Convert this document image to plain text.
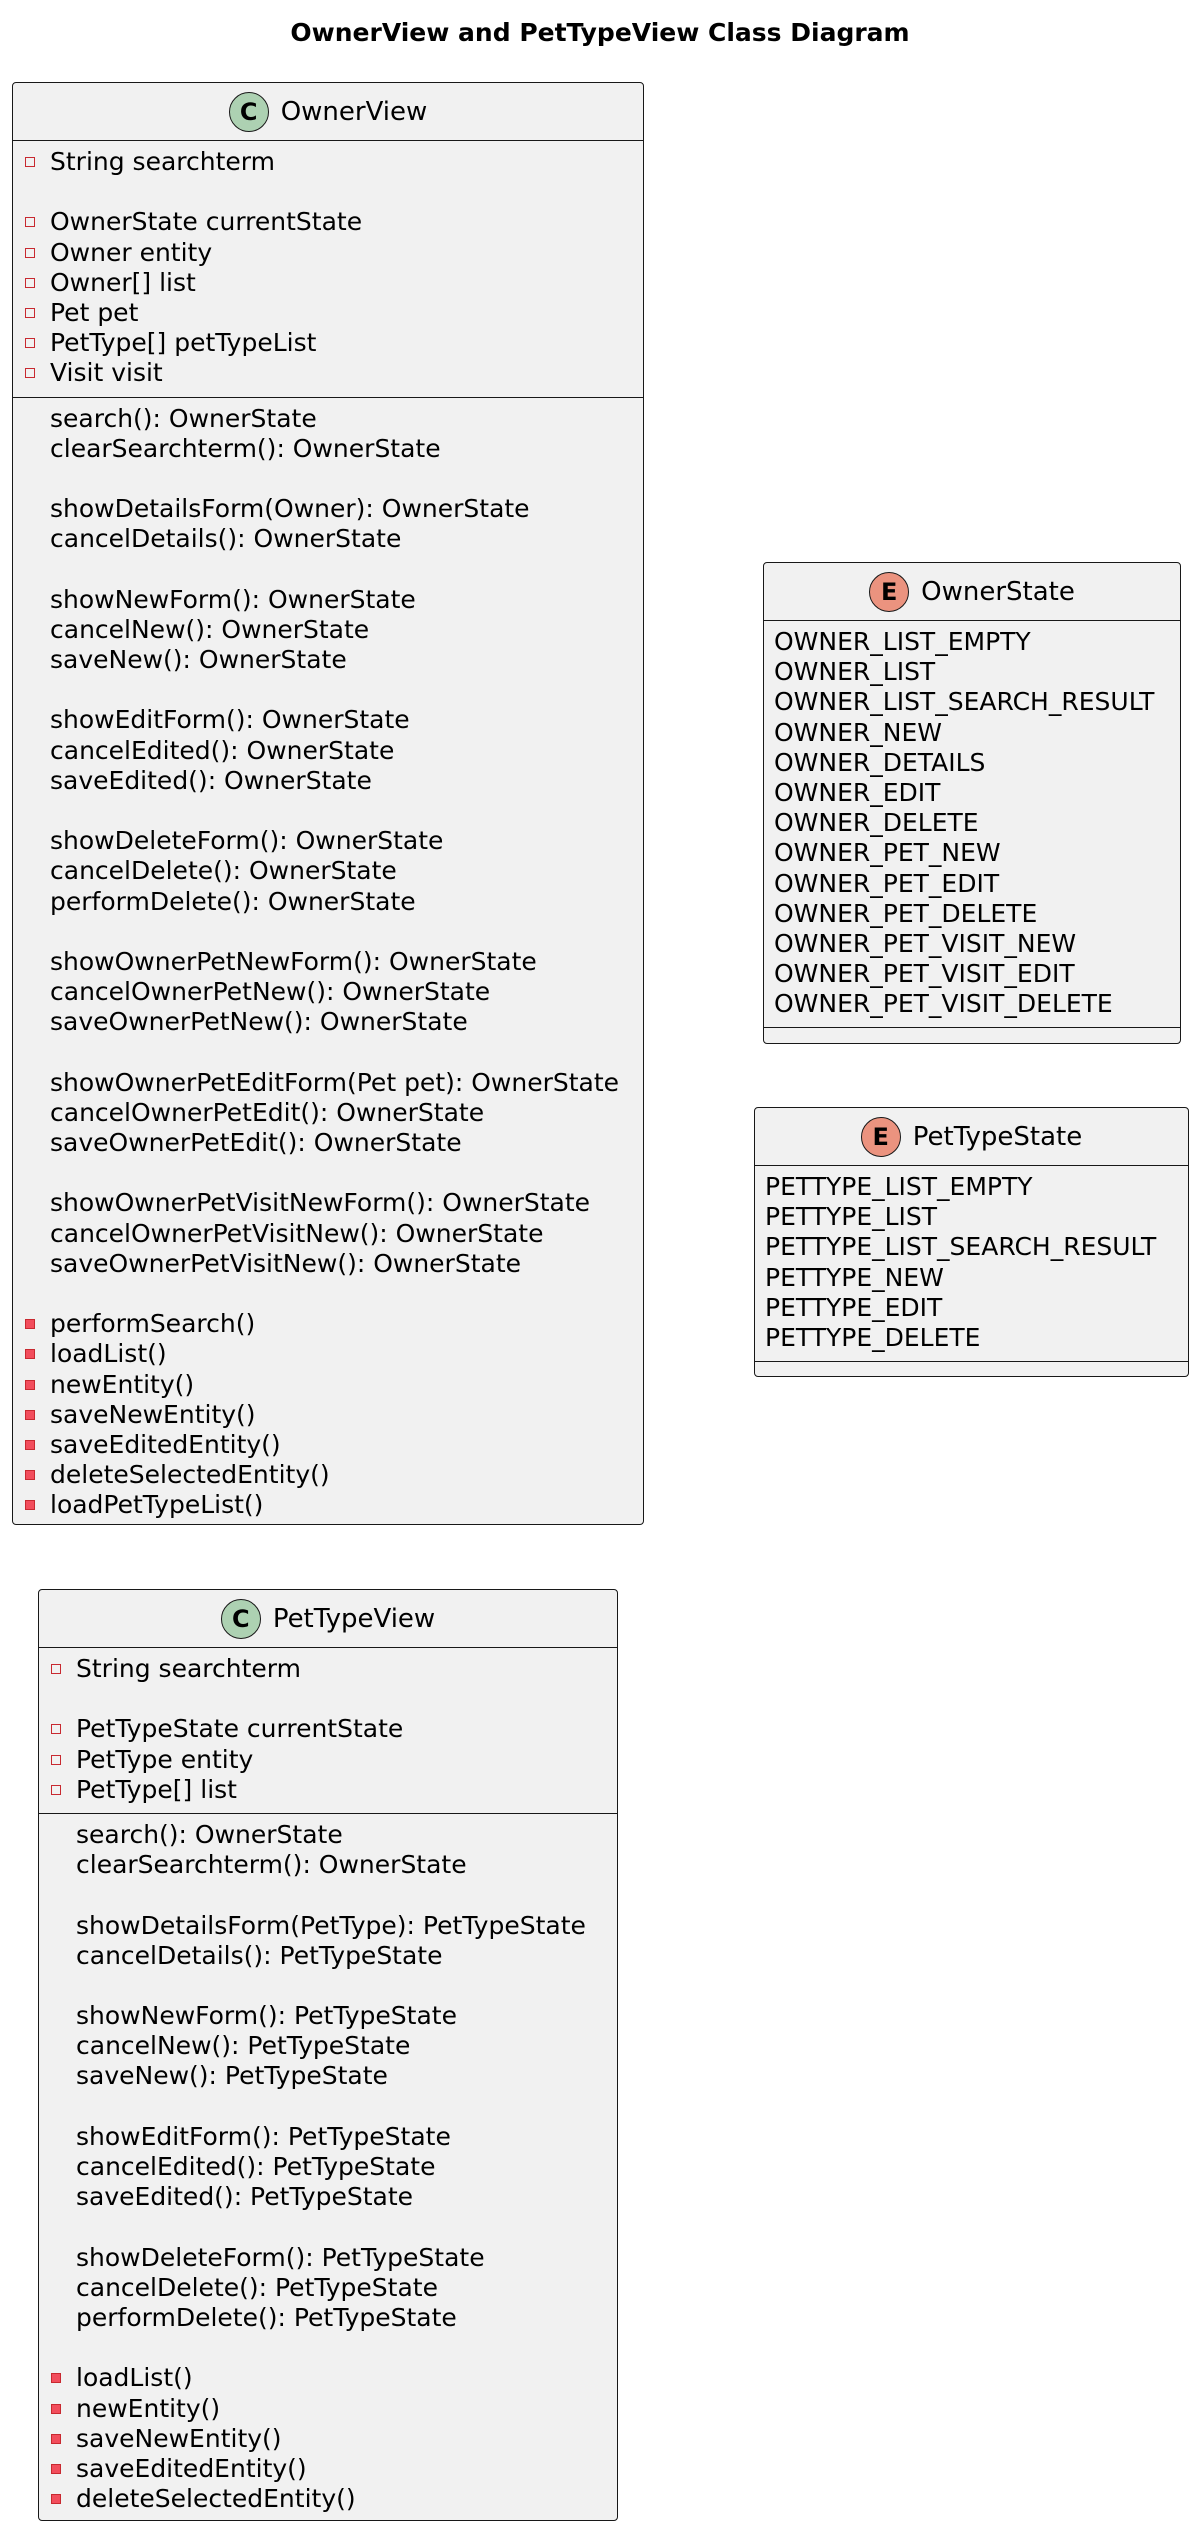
OwnerView and PetTypeView Class Diagram
C OwnerView
String searchterm
OwnerState currentState
Owner entity
Owner[] list
Pet pet
PetType[] petTypeList
Visit visit
search(): OwnerState
clearSearchterm(): OwnerState
showDetailsForm(Owner): OwnerState
cancelDetails(): OwnerState
showNewForm(): OwnerState
cancelNew(): OwnerState
saveNew(): OwnerState
showEditForm(): OwnerState
cancelEdited(): OwnerState
saveEdited(): OwnerState
showDeleteForm(): OwnerState
cancelDelete(): OwnerState
performDelete(): OwnerState
showOwnerPetNewForm(): OwnerState
cancelOwnerPetNew(): OwnerState
saveOwnerPetNew(): OwnerState
showOwnerPetEditForm(Pet pet): OwnerState
cancelOwnerPetEdit(): OwnerState
saveOwnerPetEdit(): OwnerState
showOwnerPetVisitNewForm(): OwnerState
cancelOwnerPetVisitNew(): OwnerState
saveOwnerPetVisitNew(): OwnerState
performSearch()
loadList()
newEntity()
saveNewEntity()
saveEditedEntity()
deleteSelectedEntity()
loadPetTypeList()
E OwnerState
OWNER_LIST_EMPTY
OWNER_LIST
OWNER_LIST_SEARCH_RESULT
OWNER_NEW
OWNER_DETAILS
OWNER_EDIT
OWNER_DELETE
OWNER_PET_NEW
OWNER_PET_EDIT
OWNER_PET_DELETE
OWNER_PET_VISIT_NEW
OWNER_PET_VISIT_EDIT
OWNER_PET_VISIT_DELETE
E PetTypeState
PETTYPE_LIST_EMPTY
PETTYPE_LIST
PETTYPE_LIST_SEARCH_RESULT
PETTYPE_NEW
PETTYPE_EDIT
PETTYPE_DELETE
C PetTypeView
String searchterm
PetTypeState currentState
PetType entity
PetType[] list
search(): OwnerState
clearSearchterm(): OwnerState
showDetailsForm(PetType): PetTypeState
cancelDetails(): PetTypeState
showNewForm(): PetTypeState
cancelNew(): PetTypeState
saveNew(): PetTypeState
showEditForm(): PetTypeState
cancelEdited(): PetTypeState
saveEdited(): PetTypeState
showDeleteForm(): PetTypeState
cancelDelete(): PetTypeState
performDelete(): PetTypeState
loadList()
newEntity()
saveNewEntity()
saveEditedEntity()
deleteSelectedEntity()
